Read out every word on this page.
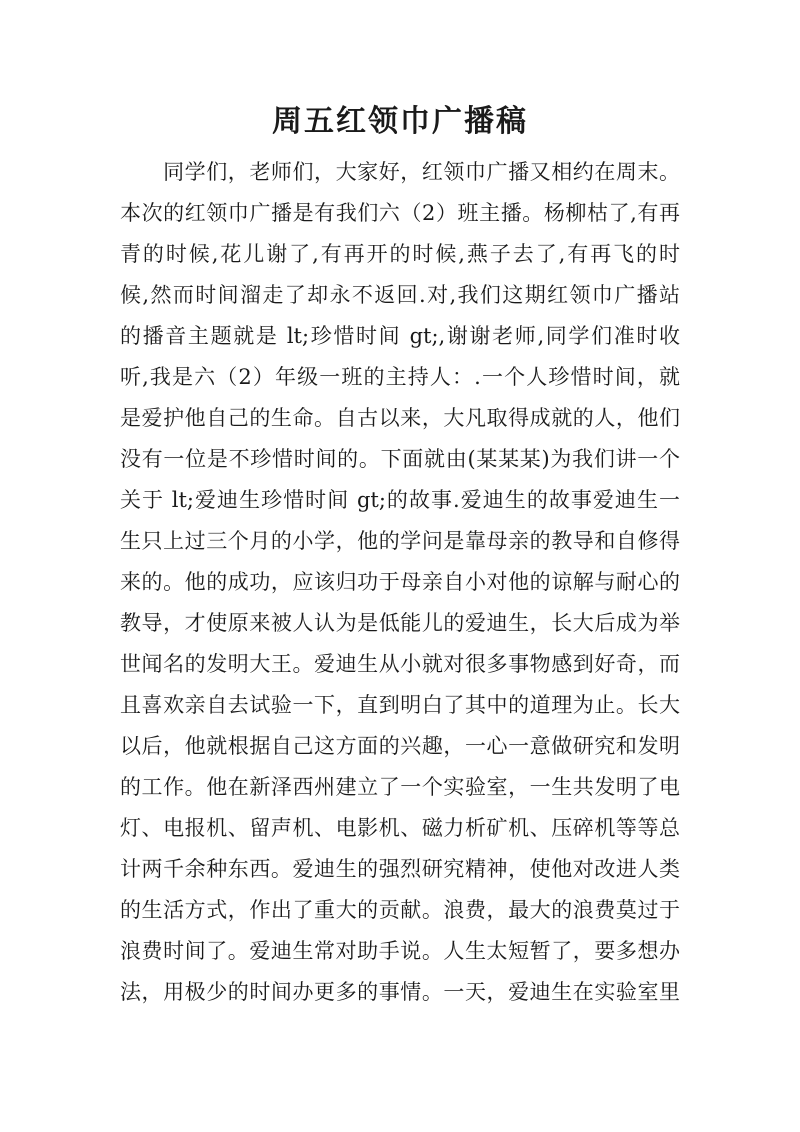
周五红领巾广播稿
　　同学们，老师们，大家好，红领巾广播又相约在周末。
本次的红领巾广播是有我们六（2）班主播。杨柳枯了,有再
青的时候,花儿谢了,有再开的时候,燕子去了,有再飞的时
候,然而时间溜走了却永不返回.对,我们这期红领巾广播站
的播音主题就是 lt;珍惜时间 gt;,谢谢老师,同学们准时收
听,我是六（2）年级一班的主持人：.一个人珍惜时间，就
是爱护他自己的生命。自古以来，大凡取得成就的人，他们
没有一位是不珍惜时间的。下面就由(某某某)为我们讲一个
关于 lt;爱迪生珍惜时间 gt;的故事.爱迪生的故事爱迪生一
生只上过三个月的小学，他的学问是靠母亲的教导和自修得
来的。他的成功，应该归功于母亲自小对他的谅解与耐心的
教导，才使原来被人认为是低能儿的爱迪生，长大后成为举
世闻名的发明大王。爱迪生从小就对很多事物感到好奇，而
且喜欢亲自去试验一下，直到明白了其中的道理为止。长大
以后，他就根据自己这方面的兴趣，一心一意做研究和发明
的工作。他在新泽西州建立了一个实验室，一生共发明了电
灯、电报机、留声机、电影机、磁力析矿机、压碎机等等总
计两千余种东西。爱迪生的强烈研究精神，使他对改进人类
的生活方式，作出了重大的贡献。浪费，最大的浪费莫过于
浪费时间了。爱迪生常对助手说。人生太短暂了，要多想办
法，用极少的时间办更多的事情。一天，爱迪生在实验室里
